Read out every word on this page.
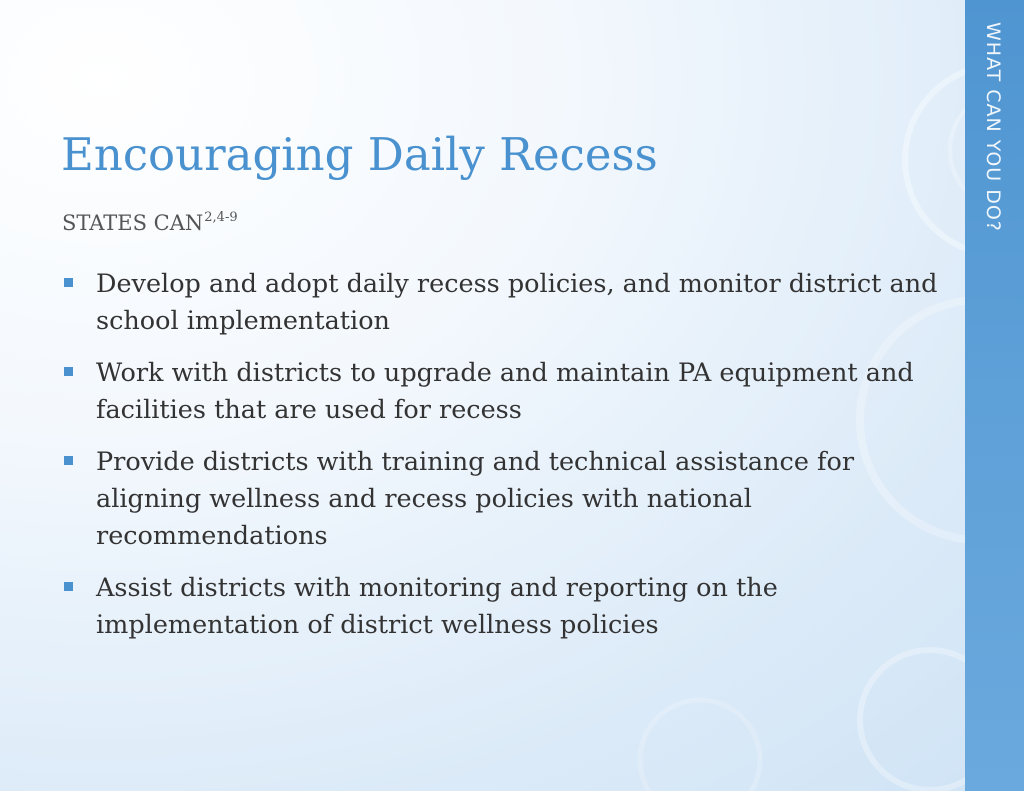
WHAT CAN YOU DO?
Encouraging Daily Recess
STATES CAN$^{2,4-9}$
Develop and adopt daily recess policies, and monitor district and school implementation
Work with districts to upgrade and maintain PA equipment and facilities that are used for recess
Provide districts with training and technical assistance for aligning wellness and recess policies with national recommendations
Assist districts with monitoring and reporting on the implementation of district wellness policies
